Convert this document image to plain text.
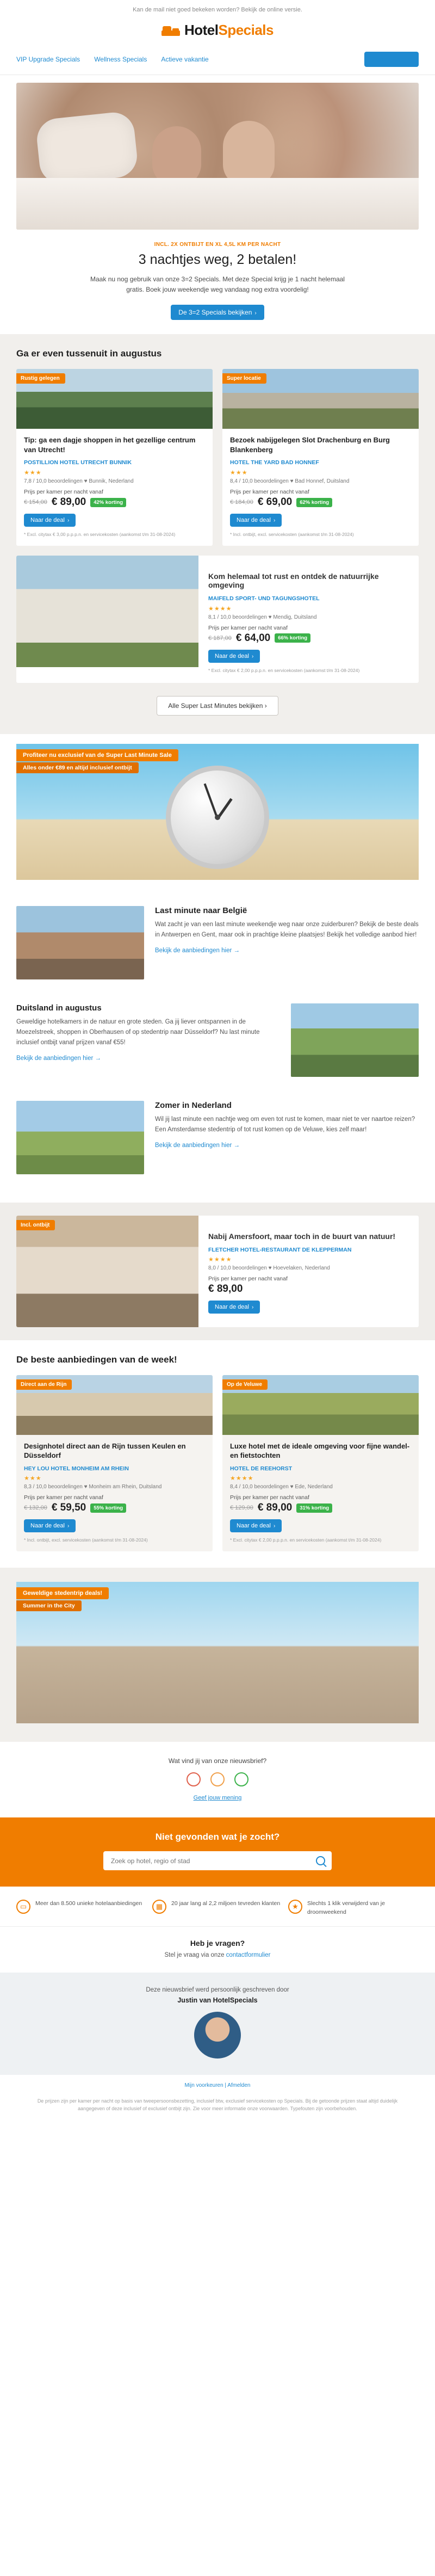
Kan de mail niet goed bekeken worden? Bekijk de online versie.
HotelSpecials
VIP Upgrade Specials Wellness Specials Actieve vakantie	Zomer Sale ▾
INCL. 2X ONTBIJT EN XL 4,5L KM PER NACHT
3 nachtjes weg, 2 betalen!

Maak nu nog gebruik van onze 3=2 Specials. Met deze Special krijg je 1 nacht helemaal gratis. Boek jouw weekendje weg vandaag nog extra voordelig!

De 3=2 Specials bekijken ›
Ga er even tussenuit in augustus
Rustig gelegen
Tip: ga een dagje shoppen in het gezellige centrum van Utrecht!
POSTILLION HOTEL UTRECHT BUNNIK
★★★
7,8 / 10,0 beoordelingen ♥ Bunnik, Nederland
Prijs per kamer per nacht vanaf
€ 154,00 € 89,00	42% korting
Naar de deal ›
* Excl. citytax € 3,00 p.p.p.n. en servicekosten (aankomst t/m 31-08-2024)
Super locatie
Bezoek nabijgelegen Slot Drachenburg en Burg Blankenberg
HOTEL THE YARD BAD HONNEF
★★★
8,4 / 10,0 beoordelingen ♥ Bad Honnef, Duitsland
Prijs per kamer per nacht vanaf
€ 184,00 € 69,00	62% korting
Naar de deal ›
* Incl. ontbijt, excl. servicekosten (aankomst t/m 31-08-2024)
Kom helemaal tot rust en ontdek de natuurrijke omgeving
MAIFELD SPORT- UND TAGUNGSHOTEL
★★★★
8,1 / 10,0 beoordelingen ♥ Mendig, Duitsland
Prijs per kamer per nacht vanaf
€ 187,00 € 64,00	66% korting
Naar de deal ›
* Excl. citytax € 2,00 p.p.p.n. en servicekosten (aankomst t/m 31-08-2024)
Alle Super Last Minutes bekijken ›
Profiteer nu exclusief van de Super Last Minute Sale
Alles onder €89 en altijd inclusief ontbijt
Last minute naar België

Wat zacht je van een last minute weekendje weg naar onze zuiderburen? Bekijk de beste deals in Antwerpen en Gent, maar ook in prachtige kleine plaatsjes! Bekijk het volledige aanbod hier!

Bekijk de aanbiedingen hier →
Duitsland in augustus

Geweldige hotelkamers in de natuur en grote steden. Ga jij liever ontspannen in de Moezelstreek, shoppen in Oberhausen of op stedentrip naar Düsseldorf? Nu last minute inclusief ontbijt vanaf prijzen vanaf €55!

Bekijk de aanbiedingen hier →
Zomer in Nederland

Wil jij last minute een nachtje weg om even tot rust te komen, maar niet te ver naartoe reizen? Een Amsterdamse stedentrip of tot rust komen op de Veluwe, kies zelf maar!

Bekijk de aanbiedingen hier →
Incl. ontbijt
Nabij Amersfoort, maar toch in de buurt van natuur!
FLETCHER HOTEL-RESTAURANT DE KLEPPERMAN
★★★★
8,0 / 10,0 beoordelingen ♥ Hoevelaken, Nederland
Prijs per kamer per nacht vanaf
€ 89,00
Naar de deal ›
De beste aanbiedingen van de week!
Direct aan de Rijn
Designhotel direct aan de Rijn tussen Keulen en Düsseldorf
HEY LOU HOTEL MONHEIM AM RHEIN
★★★
8,3 / 10,0 beoordelingen ♥ Monheim am Rhein, Duitsland
Prijs per kamer per nacht vanaf
€ 132,00 € 59,50	55% korting
Naar de deal ›
* Incl. ontbijt, excl. servicekosten (aankomst t/m 31-08-2024)
Op de Veluwe
Luxe hotel met de ideale omgeving voor fijne wandel- en fietstochten
HOTEL DE REEHORST
★★★★
8,4 / 10,0 beoordelingen ♥ Ede, Nederland
Prijs per kamer per nacht vanaf
€ 129,00 € 89,00	31% korting
Naar de deal ›
* Excl. citytax € 2,00 p.p.p.n. en servicekosten (aankomst t/m 31-08-2024)
Geweldige stedentrip deals!
Summer in the City
Wat vind jij van onze nieuwsbrief?
Geef jouw mening
Niet gevonden wat je zocht?
Zoek op hotel, regio of stad
▭	Meer dan 8.500 unieke hotelaanbiedingen	▦	20 jaar lang al 2,2 miljoen tevreden klanten	★	Slechts 1 klik verwijderd van je droomweekend

Heb je vragen?

Stel je vraag via onze contactformulier

Deze nieuwsbrief werd persoonlijk geschreven door

Justin van HotelSpecials

Mijn voorkeuren | Afmelden
De prijzen zijn per kamer per nacht op basis van tweepersoonsbezetting, inclusief btw, exclusief servicekosten op Specials. Bij de getoonde prijzen staat altijd duidelijk aangegeven of deze inclusief of exclusief ontbijt zijn. Zie voor meer informatie onze voorwaarden. Typefouten zijn voorbehouden.
